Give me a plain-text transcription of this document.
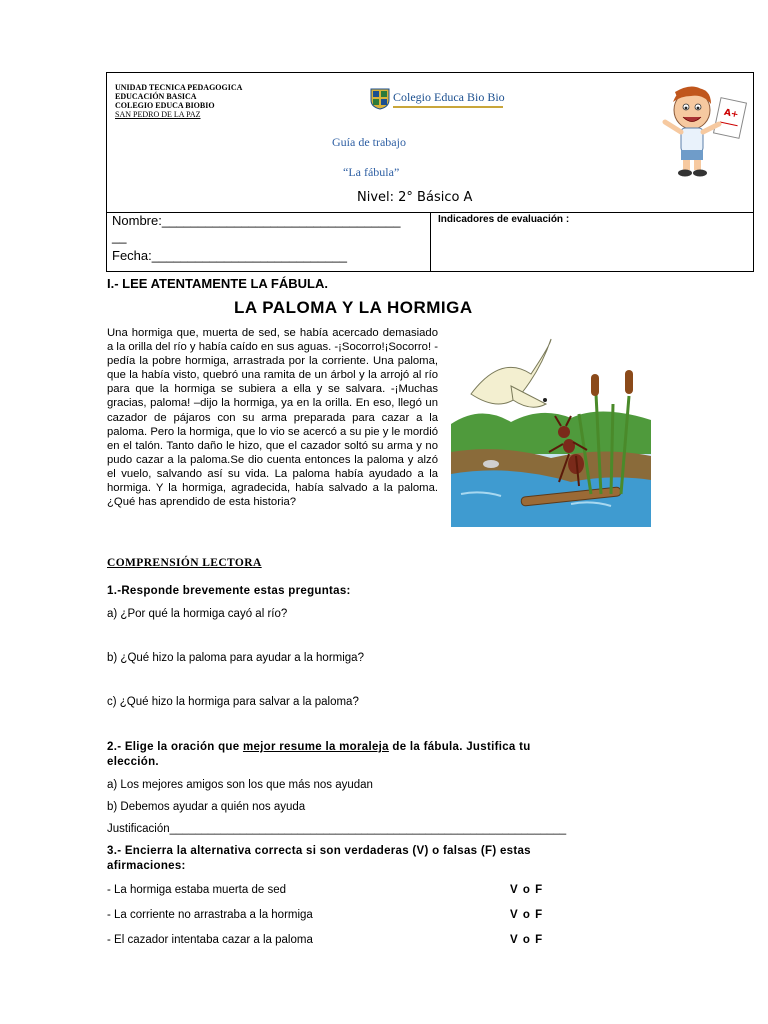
UNIDAD TECNICA PEDAGOGICA
EDUCACIÓN BASICA
COLEGIO EDUCA BIOBIO
SAN PEDRO DE LA PAZ
Colegio Educa Bio Bio
Guía de trabajo
“La fábula”
Nivel: 2° Básico A
A+
Nombre:_________________________________
__
Fecha:___________________________
Indicadores de evaluación :
I.- LEE ATENTAMENTE LA FÁBULA.
LA PALOMA Y LA HORMIGA
Una hormiga que, muerta de sed, se había acercado demasiado a la orilla del río y había caído en sus aguas. -¡Socorro!¡Socorro! -pedía la pobre hormiga, arrastrada por la corriente. Una paloma, que la había visto, quebró una ramita de un árbol y la arrojó al río para que la hormiga se subiera a ella y se salvara. -¡Muchas gracias, paloma! –dijo la hormiga, ya en la orilla. En eso, llegó un cazador de pájaros con su arma preparada para cazar a la paloma. Pero la hormiga, que lo vio se acercó a su pie y le mordió en el talón. Tanto daño le hizo, que el cazador soltó su arma y no pudo cazar a la paloma.Se dio cuenta entonces la paloma y alzó el vuelo, salvando así su vida. La paloma había ayudado a la hormiga. Y la hormiga, agradecida, había salvado a la paloma. ¿Qué has aprendido de esta historia?
COMPRENSIÓN LECTORA
1.-Responde brevemente estas preguntas:
a) ¿Por qué la hormiga cayó al río?
b) ¿Qué hizo la paloma para ayudar a la hormiga?
c) ¿Qué hizo la hormiga para salvar a la paloma?
2.- Elige la oración que mejor resume la moraleja de la fábula. Justifica tu
elección.
a) Los mejores amigos son los que más nos ayudan
b) Debemos ayudar a quién nos ayuda
Justificación______________________________________________________________
3.- Encierra la alternativa correcta si son verdaderas (V) o falsas (F) estas
afirmaciones:
- La hormiga estaba muerta de sed	V o F
- La corriente no arrastraba a la hormiga	V o F
- El cazador intentaba cazar a la paloma	V o F
